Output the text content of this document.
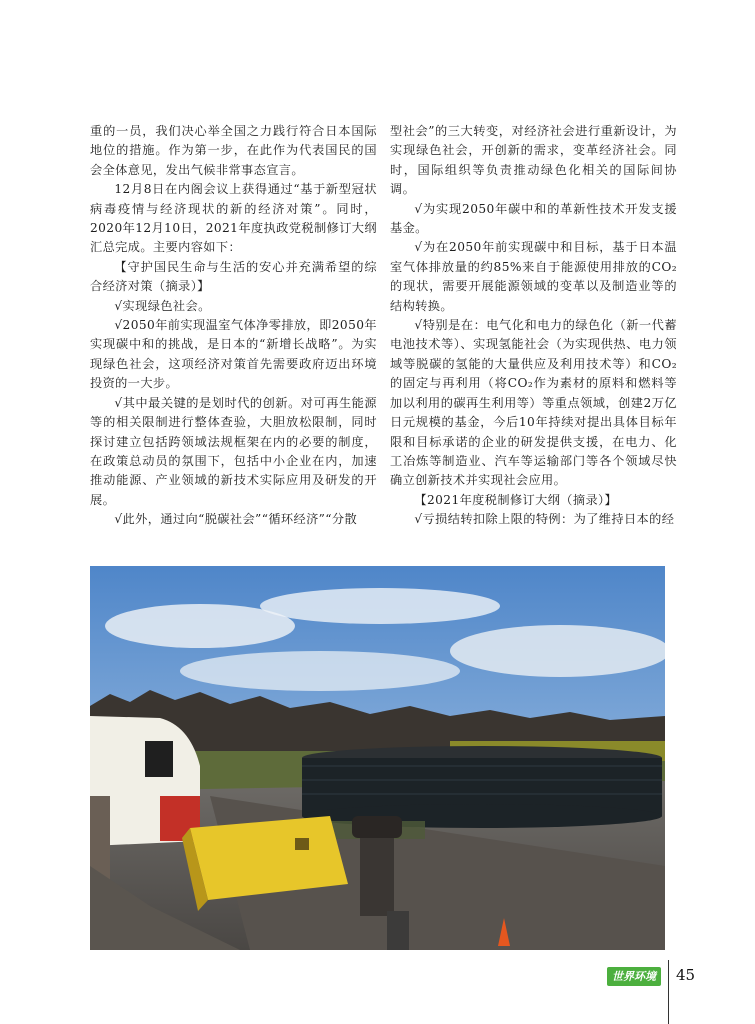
重的一员，我们决心举全国之力践行符合日本国际地位的措施。作为第一步，在此作为代表国民的国会全体意见，发出气候非常事态宣言。

12月8日在内阁会议上获得通过“基于新型冠状病毒疫情与经济现状的新的经济对策”。同时，2020年12月10日，2021年度执政党税制修订大纲汇总完成。主要内容如下：

【守护国民生命与生活的安心并充满希望的综合经济对策（摘录）】

√实现绿色社会。

√2050年前实现温室气体净零排放，即2050年实现碳中和的挑战，是日本的“新增长战略”。为实现绿色社会，这项经济对策首先需要政府迈出环境投资的一大步。

√其中最关键的是划时代的创新。对可再生能源等的相关限制进行整体查验，大胆放松限制，同时探讨建立包括跨领域法规框架在内的必要的制度，在政策总动员的氛围下，包括中小企业在内，加速推动能源、产业领域的新技术实际应用及研发的开展。

√此外，通过向“脱碳社会”“循环经济”“分散

型社会”的三大转变，对经济社会进行重新设计，为实现绿色社会，开创新的需求，变革经济社会。同时，国际组织等负责推动绿色化相关的国际间协调。

√为实现2050年碳中和的革新性技术开发支援基金。

√为在2050年前实现碳中和目标，基于日本温室气体排放量的约85%来自于能源使用排放的CO₂的现状，需要开展能源领域的变革以及制造业等的结构转换。

√特别是在：电气化和电力的绿色化（新一代蓄电池技术等）、实现氢能社会（为实现供热、电力领域等脱碳的氢能的大量供应及利用技术等）和CO₂的固定与再利用（将CO₂作为素材的原料和燃料等加以利用的碳再生利用等）等重点领域，创建2万亿日元规模的基金，今后10年持续对提出具体目标年限和目标承诺的企业的研发提供支援，在电力、化工冶炼等制造业、汽车等运输部门等各个领域尽快确立创新技术并实现社会应用。

【2021年度税制修订大纲（摘录）】

√亏损结转扣除上限的特例：为了维持日本的经

世界环境	45
